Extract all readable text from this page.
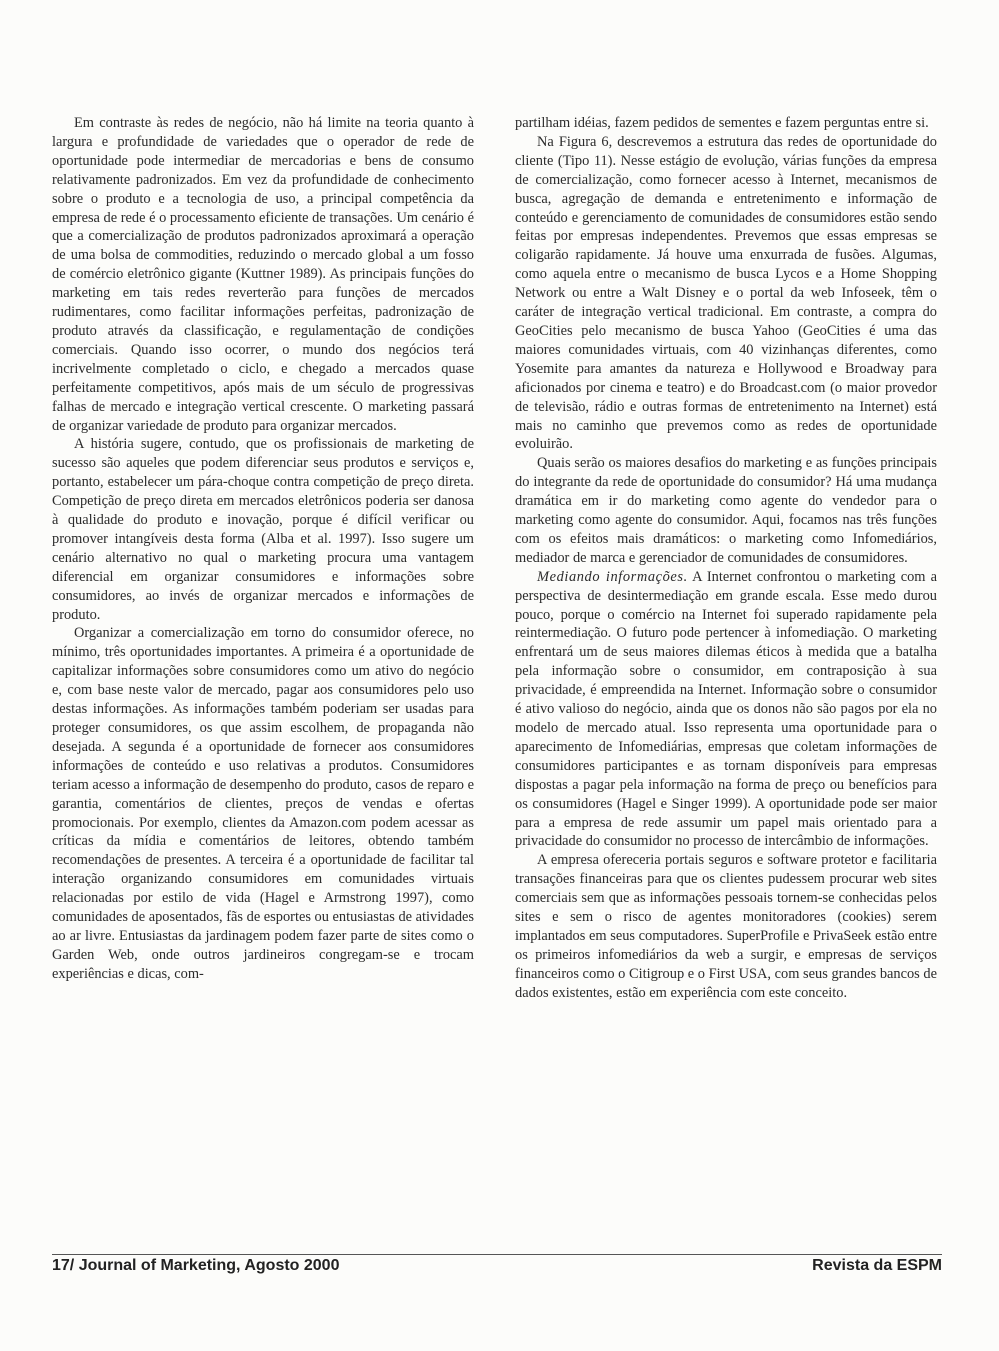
Em contraste às redes de negócio, não há limite na teoria quanto à largura e profundidade de variedades que o operador de rede de oportunidade pode intermediar de mercadorias e bens de consumo relativamente padronizados. Em vez da profundidade de conhecimento sobre o produto e a tecnologia de uso, a principal competência da empresa de rede é o processamento eficiente de transações. Um cenário é que a comercialização de produtos padronizados aproximará a operação de uma bolsa de commodities, reduzindo o mercado global a um fosso de comércio eletrônico gigante (Kuttner 1989). As principais funções do marketing em tais redes reverterão para funções de mercados rudimentares, como facilitar informações perfeitas, padronização de produto através da classificação, e regulamentação de condições comerciais. Quando isso ocorrer, o mundo dos negócios terá incrivelmente completado o ciclo, e chegado a mercados quase perfeitamente competitivos, após mais de um século de progressivas falhas de mercado e integração vertical crescente. O marketing passará de organizar variedade de produto para organizar mercados.

A história sugere, contudo, que os profissionais de marketing de sucesso são aqueles que podem diferenciar seus produtos e serviços e, portanto, estabelecer um pára-choque contra competição de preço direta. Competição de preço direta em mercados eletrônicos poderia ser danosa à qualidade do produto e inovação, porque é difícil verificar ou promover intangíveis desta forma (Alba et al. 1997). Isso sugere um cenário alternativo no qual o marketing procura uma vantagem diferencial em organizar consumidores e informações sobre consumidores, ao invés de organizar mercados e informações de produto.

Organizar a comercialização em torno do consumidor oferece, no mínimo, três oportunidades importantes. A primeira é a oportunidade de capitalizar informações sobre consumidores como um ativo do negócio e, com base neste valor de mercado, pagar aos consumidores pelo uso destas informações. As informações também poderiam ser usadas para proteger consumidores, os que assim escolhem, de propaganda não desejada. A segunda é a oportunidade de fornecer aos consumidores informações de conteúdo e uso relativas a produtos. Consumidores teriam acesso a informação de desempenho do produto, casos de reparo e garantia, comentários de clientes, preços de vendas e ofertas promocionais. Por exemplo, clientes da Amazon.com podem acessar as críticas da mídia e comentários de leitores, obtendo também recomendações de presentes. A terceira é a oportunidade de facilitar tal interação organizando consumidores em comunidades virtuais relacionadas por estilo de vida (Hagel e Armstrong 1997), como comunidades de aposentados, fãs de esportes ou entusiastas de atividades ao ar livre. Entusiastas da jardinagem podem fazer parte de sites como o Garden Web, onde outros jardineiros congregam-se e trocam experiências e dicas, com-

partilham idéias, fazem pedidos de sementes e fazem perguntas entre si.

Na Figura 6, descrevemos a estrutura das redes de oportunidade do cliente (Tipo 11). Nesse estágio de evolução, várias funções da empresa de comercialização, como fornecer acesso à Internet, mecanismos de busca, agregação de demanda e entretenimento e informação de conteúdo e gerenciamento de comunidades de consumidores estão sendo feitas por empresas independentes. Prevemos que essas empresas se coligarão rapidamente. Já houve uma enxurrada de fusões. Algumas, como aquela entre o mecanismo de busca Lycos e a Home Shopping Network ou entre a Walt Disney e o portal da web Infoseek, têm o caráter de integração vertical tradicional. Em contraste, a compra do GeoCities pelo mecanismo de busca Yahoo (GeoCities é uma das maiores comunidades virtuais, com 40 vizinhanças diferentes, como Yosemite para amantes da natureza e Hollywood e Broadway para aficionados por cinema e teatro) e do Broadcast.com (o maior provedor de televisão, rádio e outras formas de entretenimento na Internet) está mais no caminho que prevemos como as redes de oportunidade evoluirão.

Quais serão os maiores desafios do marketing e as funções principais do integrante da rede de oportunidade do consumidor? Há uma mudança dramática em ir do marketing como agente do vendedor para o marketing como agente do consumidor. Aqui, focamos nas três funções com os efeitos mais dramáticos: o marketing como Infomediários, mediador de marca e gerenciador de comunidades de consumidores.

Mediando informações. A Internet confrontou o marketing com a perspectiva de desintermediação em grande escala. Esse medo durou pouco, porque o comércio na Internet foi superado rapidamente pela reintermediação. O futuro pode pertencer à infomediação. O marketing enfrentará um de seus maiores dilemas éticos à medida que a batalha pela informação sobre o consumidor, em contraposição à sua privacidade, é empreendida na Internet. Informação sobre o consumidor é ativo valioso do negócio, ainda que os donos não são pagos por ela no modelo de mercado atual. Isso representa uma oportunidade para o aparecimento de Infomediárias, empresas que coletam informações de consumidores participantes e as tornam disponíveis para empresas dispostas a pagar pela informação na forma de preço ou benefícios para os consumidores (Hagel e Singer 1999). A oportunidade pode ser maior para a empresa de rede assumir um papel mais orientado para a privacidade do consumidor no processo de intercâmbio de informações.

A empresa ofereceria portais seguros e software protetor e facilitaria transações financeiras para que os clientes pudessem procurar web sites comerciais sem que as informações pessoais tornem-se conhecidas pelos sites e sem o risco de agentes monitoradores (cookies) serem implantados em seus computadores. SuperProfile e PrivaSeek estão entre os primeiros infomediários da web a surgir, e empresas de serviços financeiros como o Citigroup e o First USA, com seus grandes bancos de dados existentes, estão em experiência com este conceito.

17/ Journal of Marketing, Agosto 2000	Revista da ESPM
